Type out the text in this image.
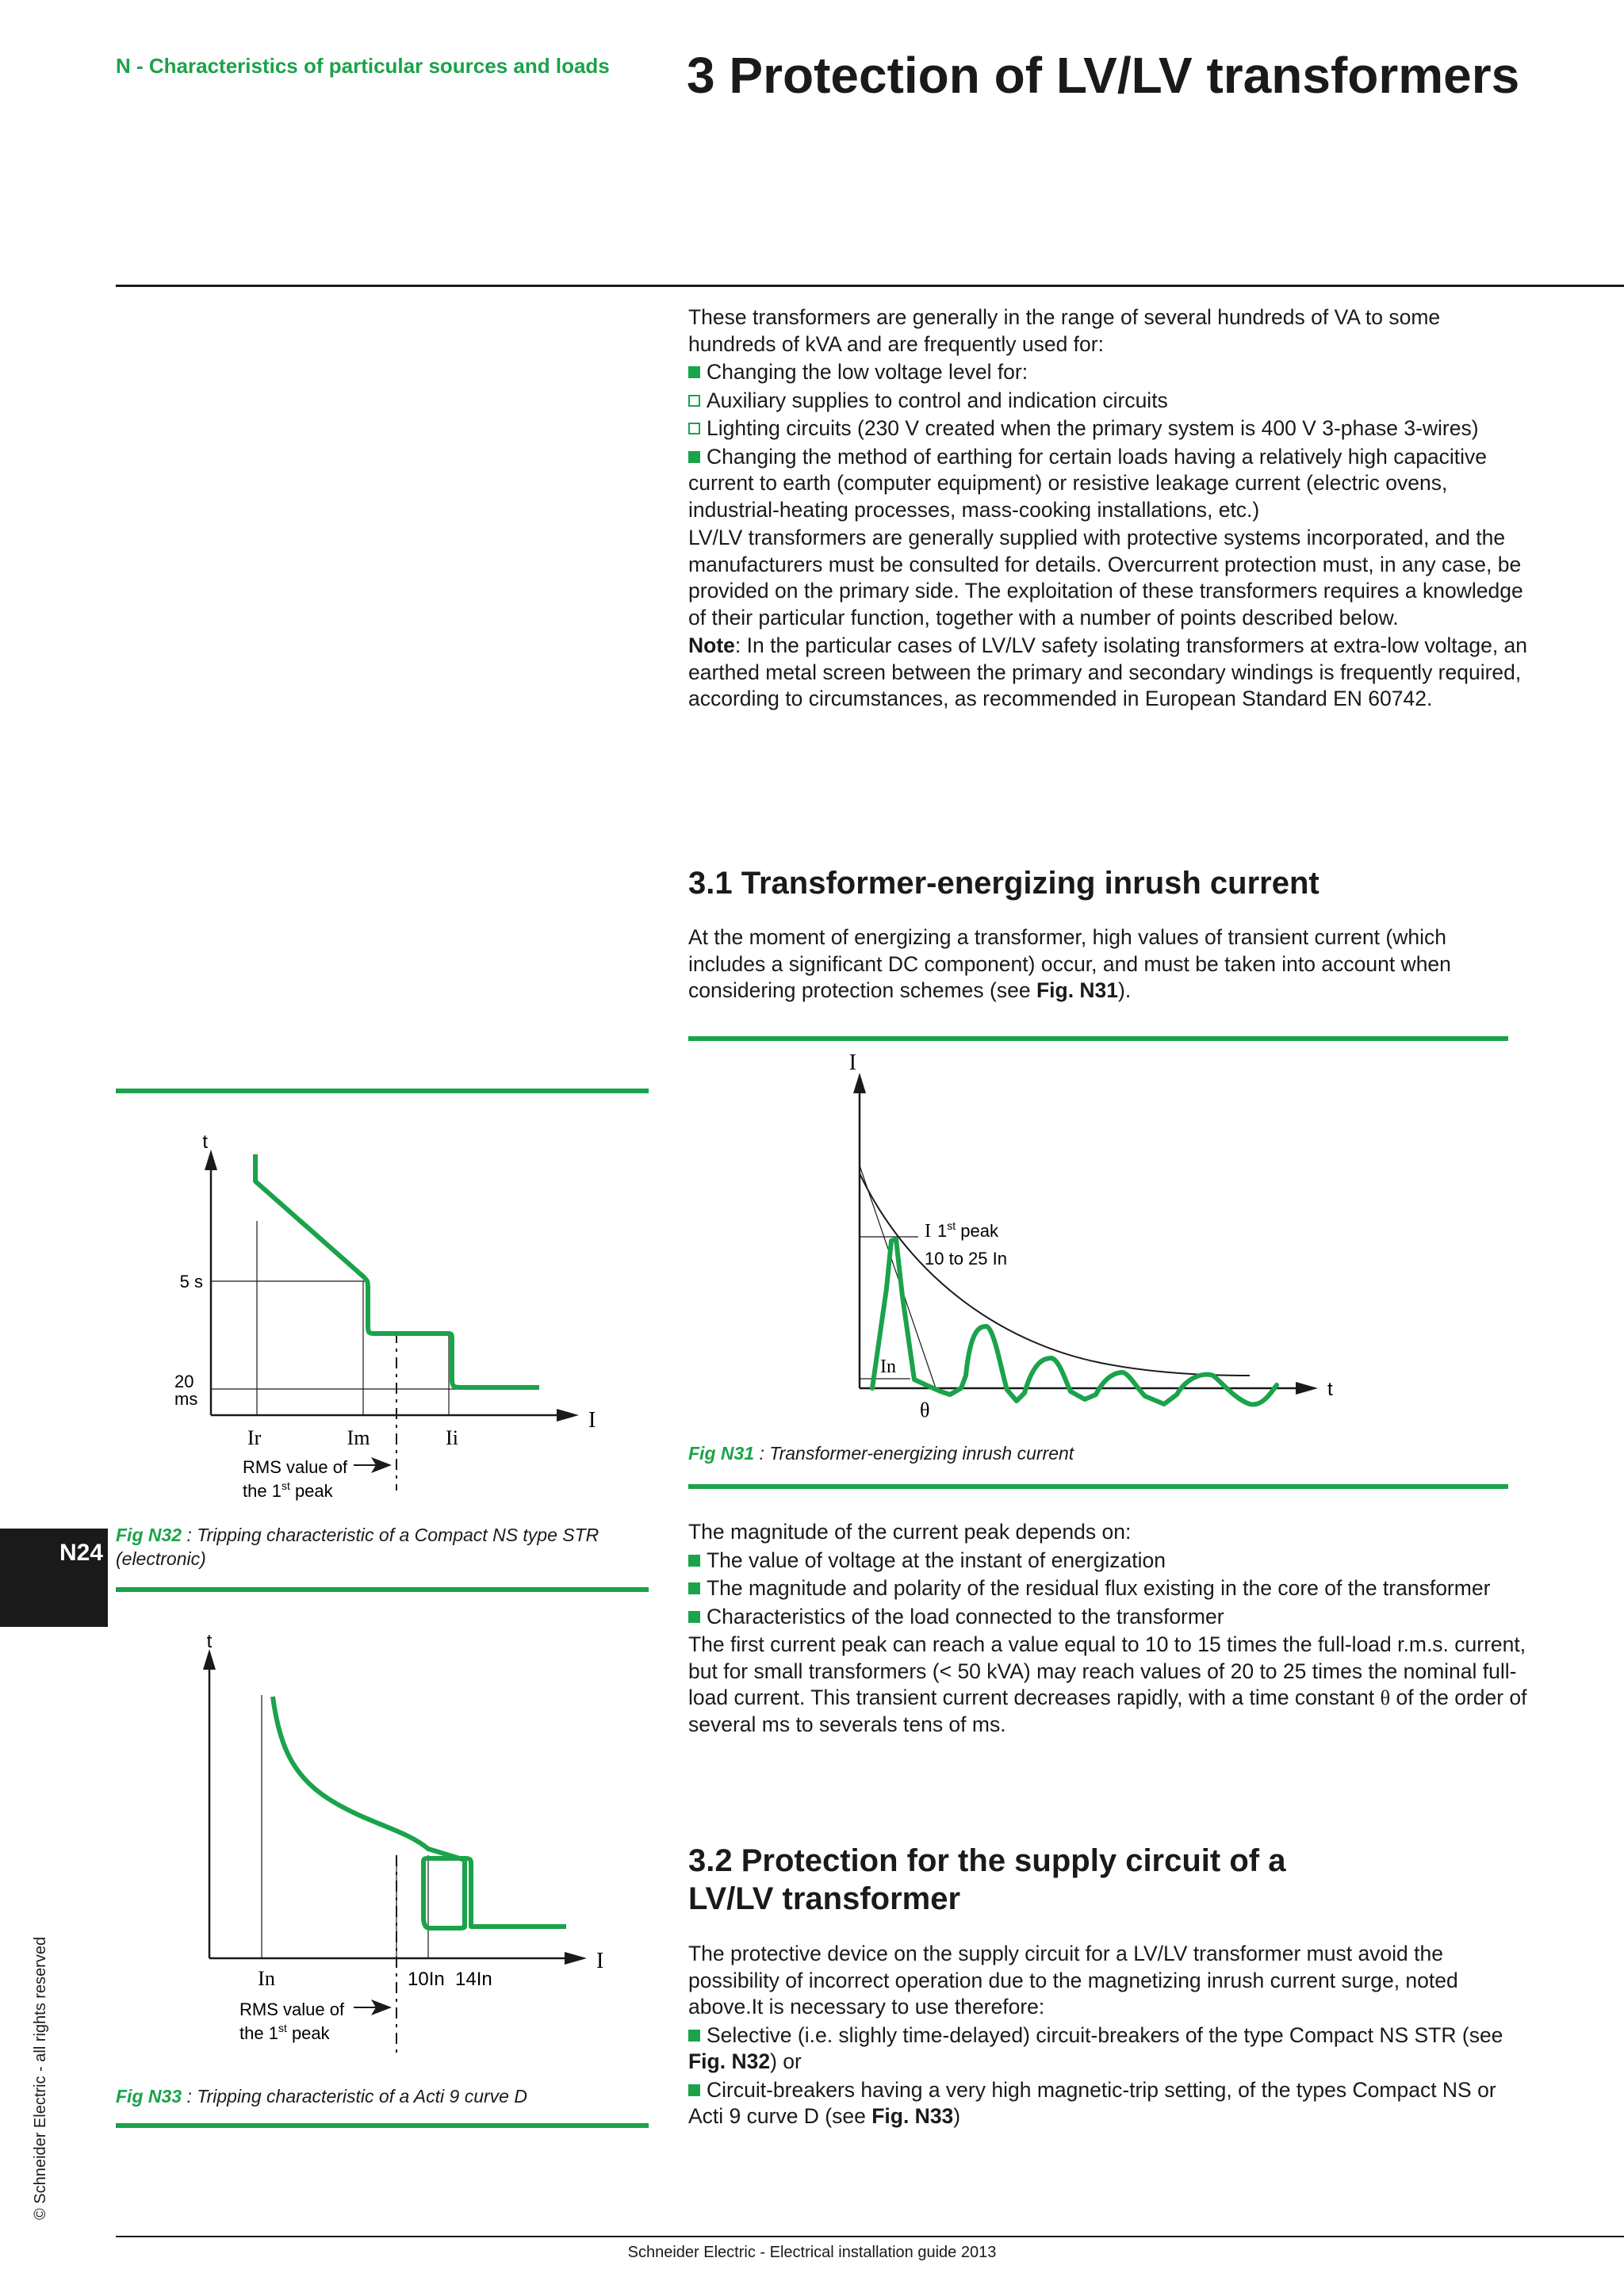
N - Characteristics of particular sources and loads 3 Protection of LV/LV transformers

These transformers are generally in the range of several hundreds of VA to some hundreds of kVA and are frequently used for:

Changing the low voltage level for:

Auxiliary supplies to control and indication circuits

Lighting circuits (230 V created when the primary system is 400 V 3-phase 3-wires)

Changing the method of earthing for certain loads having a relatively high capacitive current to earth (computer equipment) or resistive leakage current (electric ovens, industrial-heating processes, mass-cooking installations, etc.)

LV/LV transformers are generally supplied with protective systems incorporated, and the manufacturers must be consulted for details. Overcurrent protection must, in any case, be provided on the primary side. The exploitation of these transformers requires a knowledge of their particular function, together with a number of points described below.

Note: In the particular cases of LV/LV safety isolating transformers at extra-low voltage, an earthed metal screen between the primary and secondary windings is frequently required, according to circumstances, as recommended in European Standard EN 60742.

3.1 Transformer-energizing inrush current

At the moment of energizing a transformer, high values of transient current (which includes a significant DC component) occur, and must be taken into account when considering protection schemes (see Fig. N31).

I
t
I 1st peak
10 to 25 In
In
θ
Fig N31 : Transformer-energizing inrush current

The magnitude of the current peak depends on:

The value of voltage at the instant of energization

The magnitude and polarity of the residual flux existing in the core of the transformer

Characteristics of the load connected to the transformer

The first current peak can reach a value equal to 10 to 15 times the full-load r.m.s. current, but for small transformers (< 50 kVA) may reach values of 20 to 25 times the nominal full-load current. This transient current decreases rapidly, with a time constant θ of the order of several ms to severals tens of ms.

3.2 Protection for the supply circuit of a
LV/LV transformer

The protective device on the supply circuit for a LV/LV transformer must avoid the possibility of incorrect operation due to the magnetizing inrush current surge, noted above.It is necessary to use therefore:

Selective (i.e. slighly time-delayed) circuit-breakers of the type Compact NS STR (see Fig. N32) or

Circuit-breakers having a very high magnetic-trip setting, of the types Compact NS or Acti 9 curve D (see Fig. N33)

t
I
5 s
20
ms
Ir	Im	Ii
RMS value of
the 1st peak
Fig N32 : Tripping characteristic of a Compact NS type STR (electronic)
t
I
In	10In 14In
RMS value of
the 1st peak
Fig N33 : Tripping characteristic of a Acti 9 curve D
N24
© Schneider Electric - all rights reserved
Schneider Electric - Electrical installation guide 2013
